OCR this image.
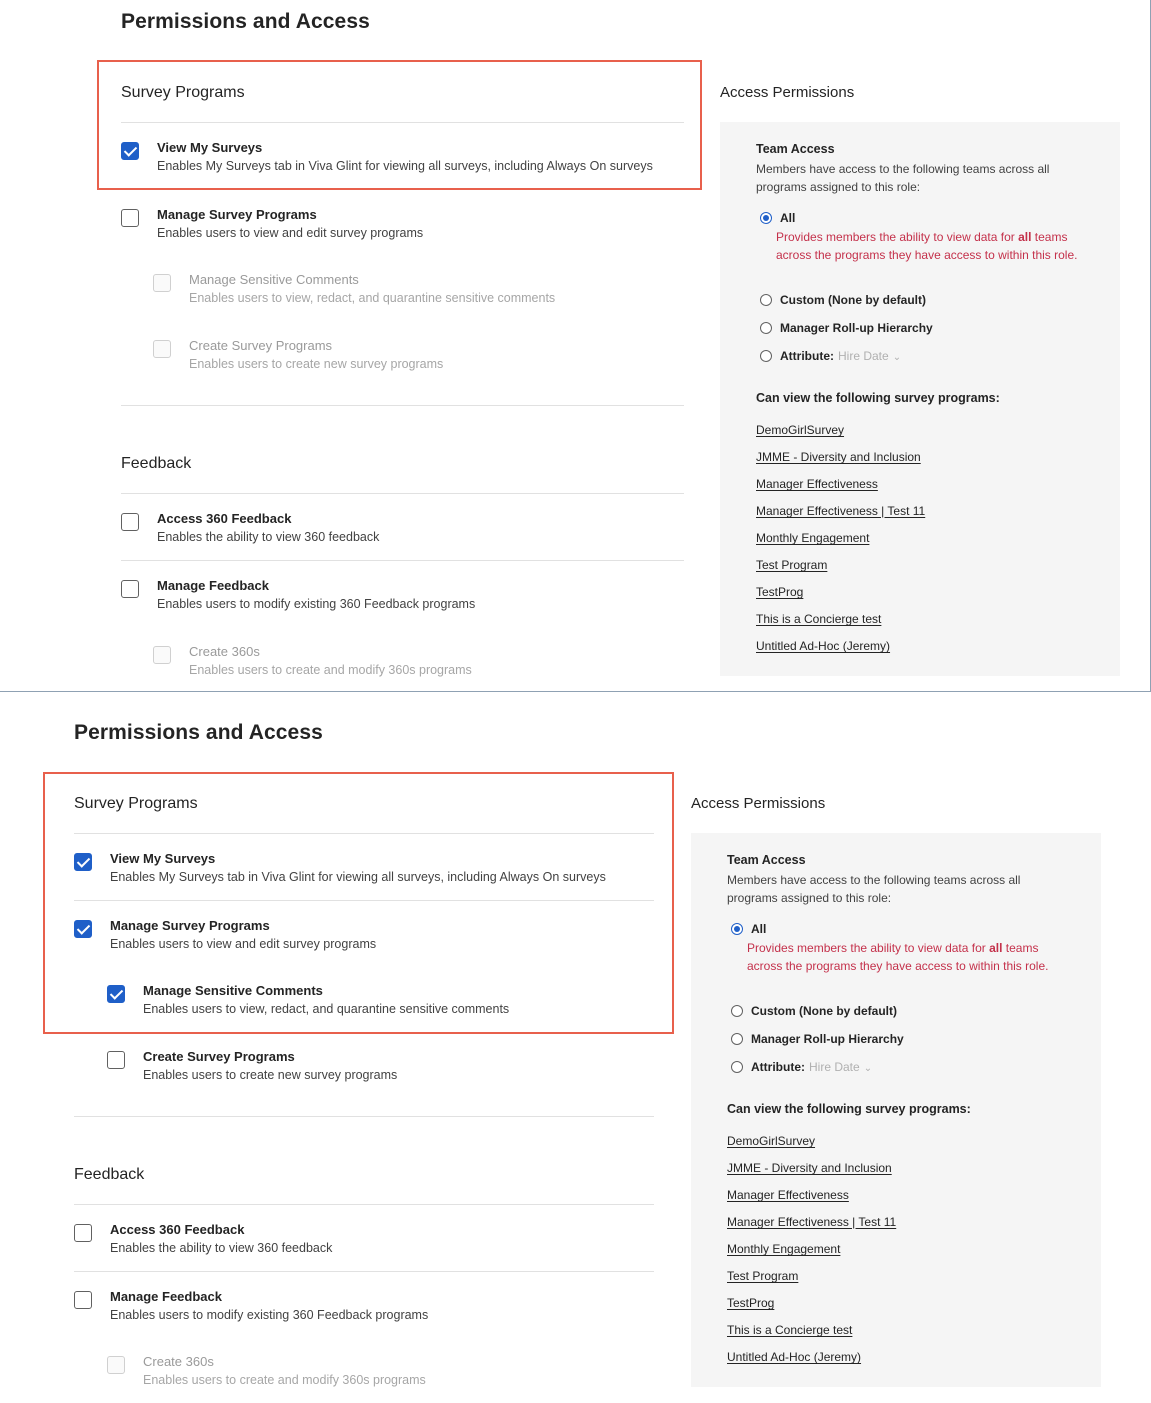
Permissions and Access
Survey Programs
View My Surveys
Enables My Surveys tab in Viva Glint for viewing all surveys, including Always On surveys
Manage Survey Programs
Enables users to view and edit survey programs
Manage Sensitive Comments
Enables users to view, redact, and quarantine sensitive comments
Create Survey Programs
Enables users to create new survey programs
Feedback
Access 360 Feedback
Enables the ability to view 360 feedback
Manage Feedback
Enables users to modify existing 360 Feedback programs
Create 360s
Enables users to create and modify 360s programs
Access Permissions
Team Access
Members have access to the following teams across all programs assigned to this role:
All
Provides members the ability to view data for all teams across the programs they have access to within this role.
Custom (None by default)
Manager Roll-up Hierarchy
Attribute: Hire Date ⌄
Can view the following survey programs:
DemoGirlSurvey
JMME - Diversity and Inclusion
Manager Effectiveness
Manager Effectiveness | Test 11
Monthly Engagement
Test Program
TestProg
This is a Concierge test
Untitled Ad-Hoc (Jeremy)
Permissions and Access
Survey Programs
View My Surveys
Enables My Surveys tab in Viva Glint for viewing all surveys, including Always On surveys
Manage Survey Programs
Enables users to view and edit survey programs
Manage Sensitive Comments
Enables users to view, redact, and quarantine sensitive comments
Create Survey Programs
Enables users to create new survey programs
Feedback
Access 360 Feedback
Enables the ability to view 360 feedback
Manage Feedback
Enables users to modify existing 360 Feedback programs
Create 360s
Enables users to create and modify 360s programs
Access Permissions
Team Access
Members have access to the following teams across all programs assigned to this role:
All
Provides members the ability to view data for all teams across the programs they have access to within this role.
Custom (None by default)
Manager Roll-up Hierarchy
Attribute: Hire Date ⌄
Can view the following survey programs:
DemoGirlSurvey
JMME - Diversity and Inclusion
Manager Effectiveness
Manager Effectiveness | Test 11
Monthly Engagement
Test Program
TestProg
This is a Concierge test
Untitled Ad-Hoc (Jeremy)
